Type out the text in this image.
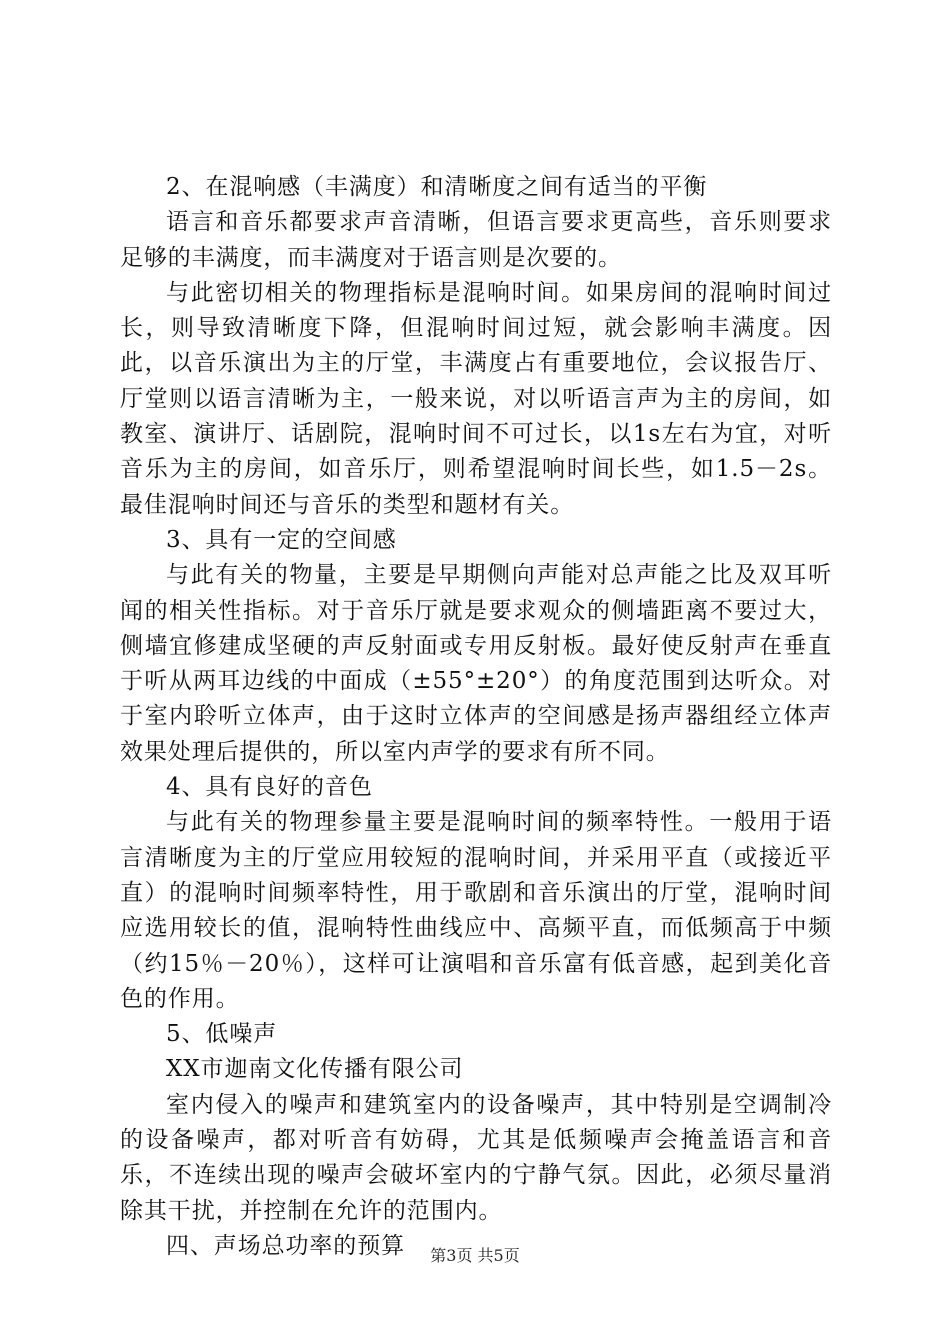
2、在混响感（丰满度）和清晰度之间有适当的平衡

语言和音乐都要求声音清晰，但语言要求更高些，音乐则要求足够的丰满度，而丰满度对于语言则是次要的。

与此密切相关的物理指标是混响时间。如果房间的混响时间过长，则导致清晰度下降，但混响时间过短，就会影响丰满度。因此，以音乐演出为主的厅堂，丰满度占有重要地位，会议报告厅、厅堂则以语言清晰为主，一般来说，对以听语言声为主的房间，如教室、演讲厅、话剧院，混响时间不可过长，以1s左右为宜，对听音乐为主的房间，如音乐厅，则希望混响时间长些，如1.5－2s。最佳混响时间还与音乐的类型和题材有关。

3、具有一定的空间感

与此有关的物量，主要是早期侧向声能对总声能之比及双耳听闻的相关性指标。对于音乐厅就是要求观众的侧墙距离不要过大，侧墙宜修建成坚硬的声反射面或专用反射板。最好使反射声在垂直于听从两耳边线的中面成（±55°±20°）的角度范围到达听众。对于室内聆听立体声，由于这时立体声的空间感是扬声器组经立体声效果处理后提供的，所以室内声学的要求有所不同。

4、具有良好的音色

与此有关的物理参量主要是混响时间的频率特性。一般用于语言清晰度为主的厅堂应用较短的混响时间，并采用平直（或接近平直）的混响时间频率特性，用于歌剧和音乐演出的厅堂，混响时间应选用较长的值，混响特性曲线应中、高频平直，而低频高于中频（约15％－20％），这样可让演唱和音乐富有低音感，起到美化音色的作用。

5、低噪声

XX市迦南文化传播有限公司

室内侵入的噪声和建筑室内的设备噪声，其中特别是空调制冷的设备噪声，都对听音有妨碍，尤其是低频噪声会掩盖语言和音乐，不连续出现的噪声会破坏室内的宁静气氛。因此，必须尽量消除其干扰，并控制在允许的范围内。

四、声场总功率的预算	第3页 共5页
